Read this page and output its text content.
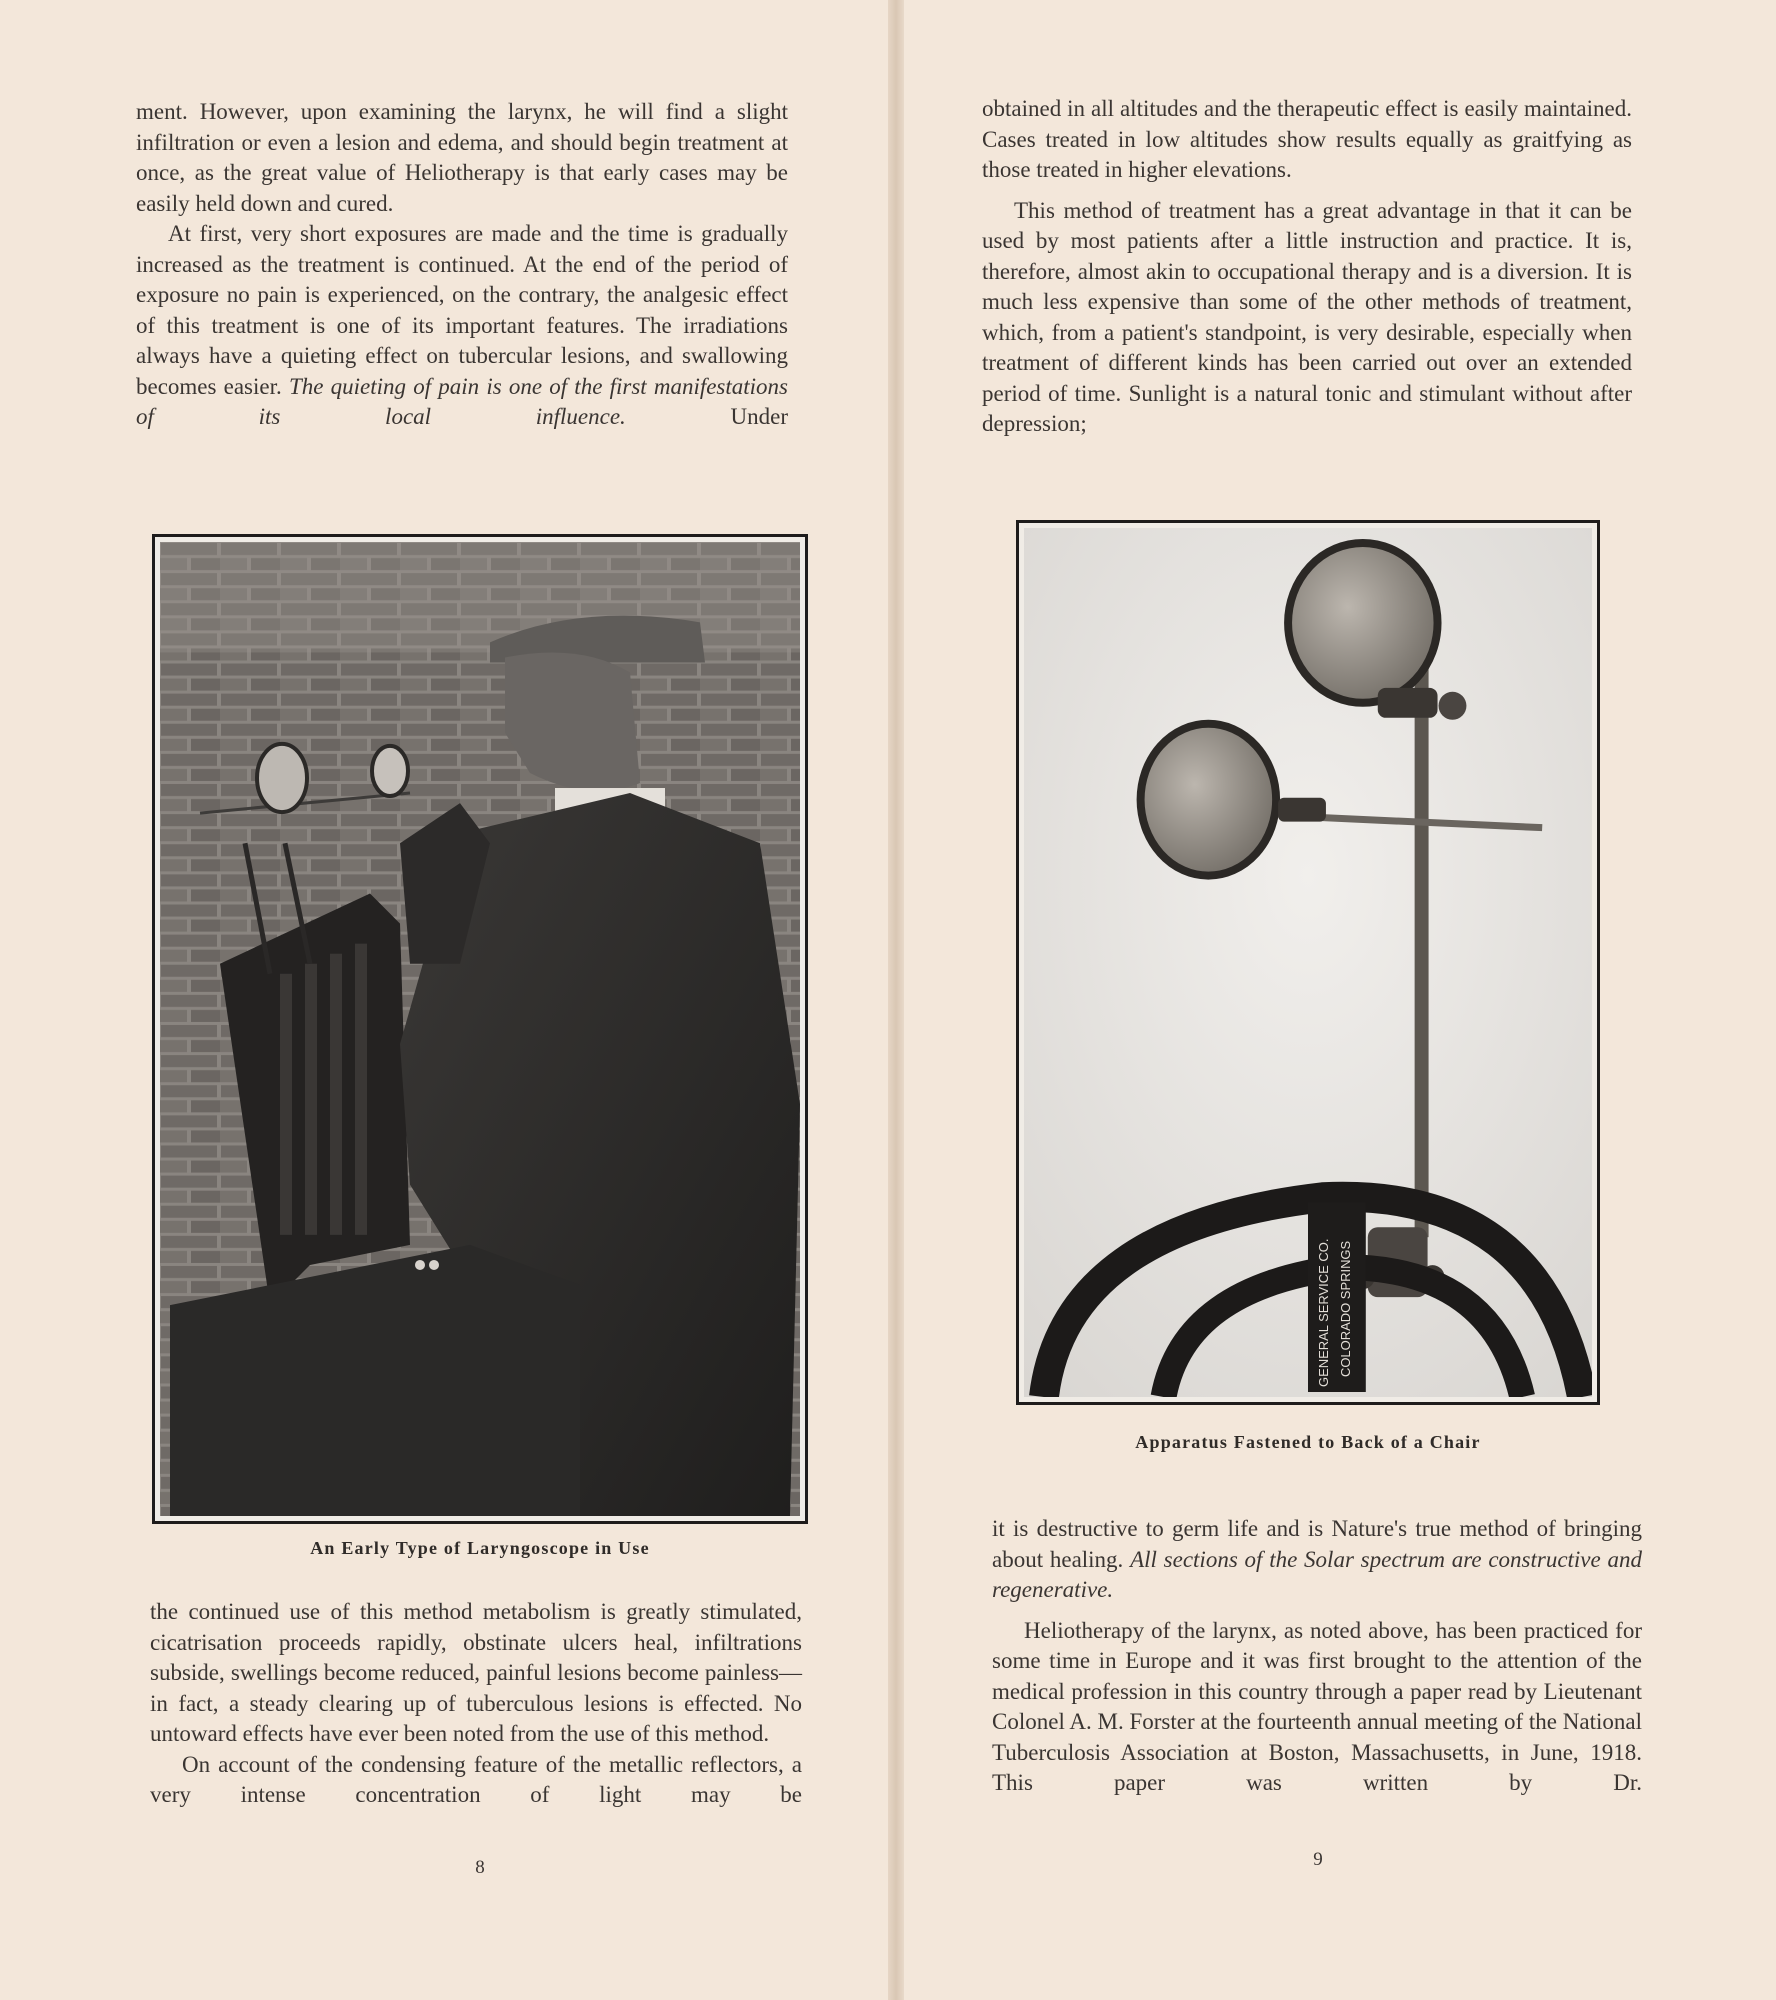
ment. However, upon examining the larynx, he will find a slight infiltration or even a lesion and edema, and should begin treatment at once, as the great value of Heliotherapy is that early cases may be easily held down and cured.

At first, very short exposures are made and the time is gradually increased as the treatment is continued. At the end of the period of exposure no pain is experienced, on the contrary, the analgesic effect of this treatment is one of its important features. The irradiations always have a quieting effect on tubercular lesions, and swallowing becomes easier. The quieting of pain is one of the first manifestations of its local influence.	Under

An Early Type of Laryngoscope in Use

the continued use of this method metabolism is greatly stimulated, cicatrisation proceeds rapidly, obstinate ulcers heal, infiltrations subside, swellings become reduced, painful lesions become painless—in fact, a steady clearing up of tuberculous lesions is effected. No untoward effects have ever been noted from the use of this method.

On account of the condensing feature of the metallic reflectors, a very intense concentration of light may be

8

obtained in all altitudes and the therapeutic effect is easily maintained. Cases treated in low altitudes show results equally as graitfying as those treated in higher elevations.

This method of treatment has a great advantage in that it can be used by most patients after a little instruction and practice. It is, therefore, almost akin to occupational therapy and is a diversion. It is much less expensive than some of the other methods of treatment, which, from a patient's standpoint, is very desirable, especially when treatment of different kinds has been carried out over an extended period of time. Sunlight is a natural tonic and stimulant without after depression;

GENERAL SERVICE CO. COLORADO SPRINGS
Apparatus Fastened to Back of a Chair

it is destructive to germ life and is Nature's true method of bringing about healing. All sections of the Solar spectrum are constructive and regenerative.

Heliotherapy of the larynx, as noted above, has been practiced for some time in Europe and it was first brought to the attention of the medical profession in this country through a paper read by Lieutenant Colonel A. M. Forster at the fourteenth annual meeting of the National Tuberculosis Association at Boston, Massachusetts, in June, 1918. This paper was written by Dr.

9
